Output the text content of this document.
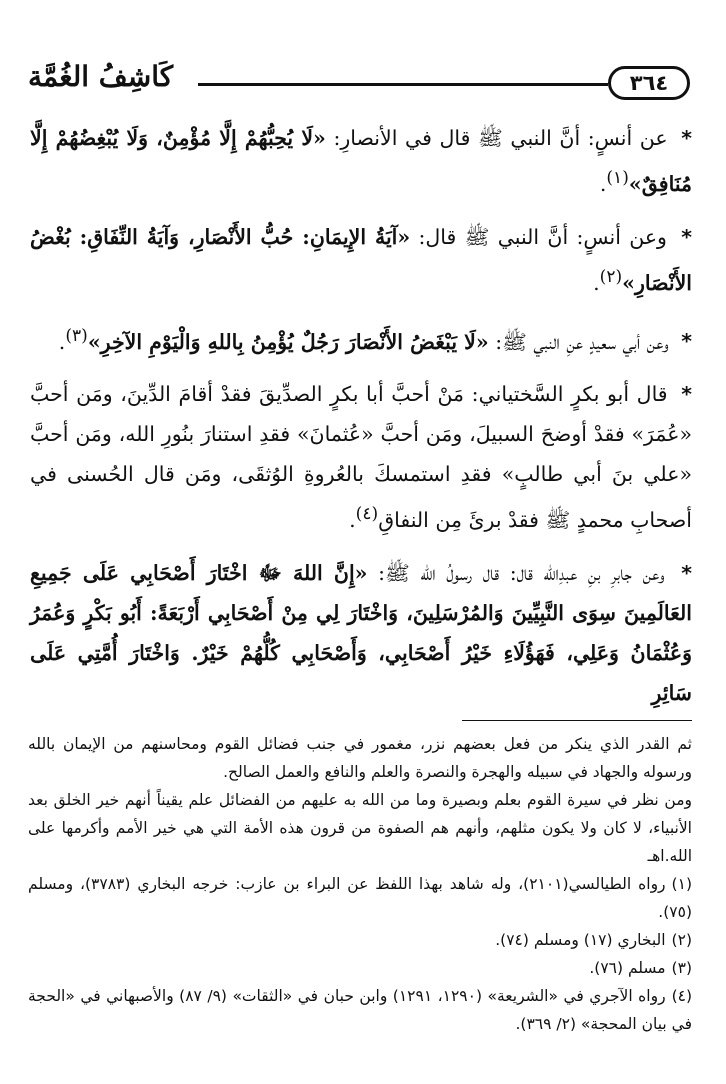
٣٦٤
كَاشِفُ الغُمَّة

* عن أنسٍ: أنَّ النبي ﷺ قال في الأنصارِ: «لَا يُحِبُّهُمْ إِلَّا مُؤْمِنٌ، وَلَا يُبْغِضُهُمْ إِلَّا مُنَافِقٌ»$^{(١)}$.

* وعن أنسٍ: أنَّ النبي ﷺ قال: «آيَةُ الإِيمَانِ: حُبُّ الأَنْصَارِ، وَآيَةُ النِّفَاقِ: بُغْضُ الأَنْصَارِ»$^{(٢)}$.

* وعن أبي سعيدٍ عنِ النبي ﷺ: «لَا يَبْغَضُ الأَنْصَارَ رَجُلٌ يُؤْمِنُ بِاللهِ وَالْيَوْمِ الآخِرِ»$^{(٣)}$.

* قال أبو بكرٍ السَّختياني: مَنْ أحبَّ أبا بكرٍ الصدِّيقَ فقدْ أقامَ الدِّينَ، ومَن أحبَّ «عُمَرَ» فقدْ أوضحَ السبيلَ، ومَن أحبَّ «عُثمانَ» فقدِ استنارَ بنُورِ الله، ومَن أحبَّ «علي بنَ أبي طالبٍ» فقدِ استمسكَ بالعُروةِ الوُثقَى، ومَن قال الحُسنى في أصحابِ محمدٍ ﷺ فقدْ برئَ مِن النفاقِ$^{(٤)}$.

* وعن جابرِ بنِ عبدِالله قال: قال رسولُ الله ﷺ: «إِنَّ اللهَ ﷻ اخْتَارَ أَصْحَابِي عَلَى جَمِيعِ العَالَمِينَ سِوَى النَّبِيِّينَ وَالمُرْسَلِينَ، وَاخْتَارَ لِي مِنْ أَصْحَابِي أَرْبَعَةً: أَبُو بَكْرٍ وَعُمَرُ وَعُثْمَانُ وَعَلِي، فَهَؤُلَاءِ خَيْرُ أَصْحَابِي، وَأَصْحَابِي كُلُّهُمْ خَيْرٌ. وَاخْتَارَ أُمَّتِي عَلَى سَائِرِ

ثم القدر الذي ينكر من فعل بعضهم نزر، مغمور في جنب فضائل القوم ومحاسنهم من الإيمان بالله ورسوله والجهاد في سبيله والهجرة والنصرة والعلم والنافع والعمل الصالح.

ومن نظر في سيرة القوم بعلم وبصيرة وما من الله به عليهم من الفضائل علم يقيناً أنهم خير الخلق بعد الأنبياء، لا كان ولا يكون مثلهم، وأنهم هم الصفوة من قرون هذه الأمة التي هي خير الأمم وأكرمها على الله.اهـ

(١)رواه الطيالسي(٢١٠١)، وله شاهد بهذا اللفظ عن البراء بن عازب: خرجه البخاري (٣٧٨٣)، ومسلم (٧٥).

(٢)البخاري (١٧) ومسلم (٧٤).

(٣)مسلم (٧٦).

(٤)رواه الآجري في «الشريعة» (١٢٩٠، ١٢٩١) وابن حبان في «الثقات» (٩/ ٨٧) والأصبهاني في «الحجة في بيان المحجة» (٢/ ٣٦٩).
